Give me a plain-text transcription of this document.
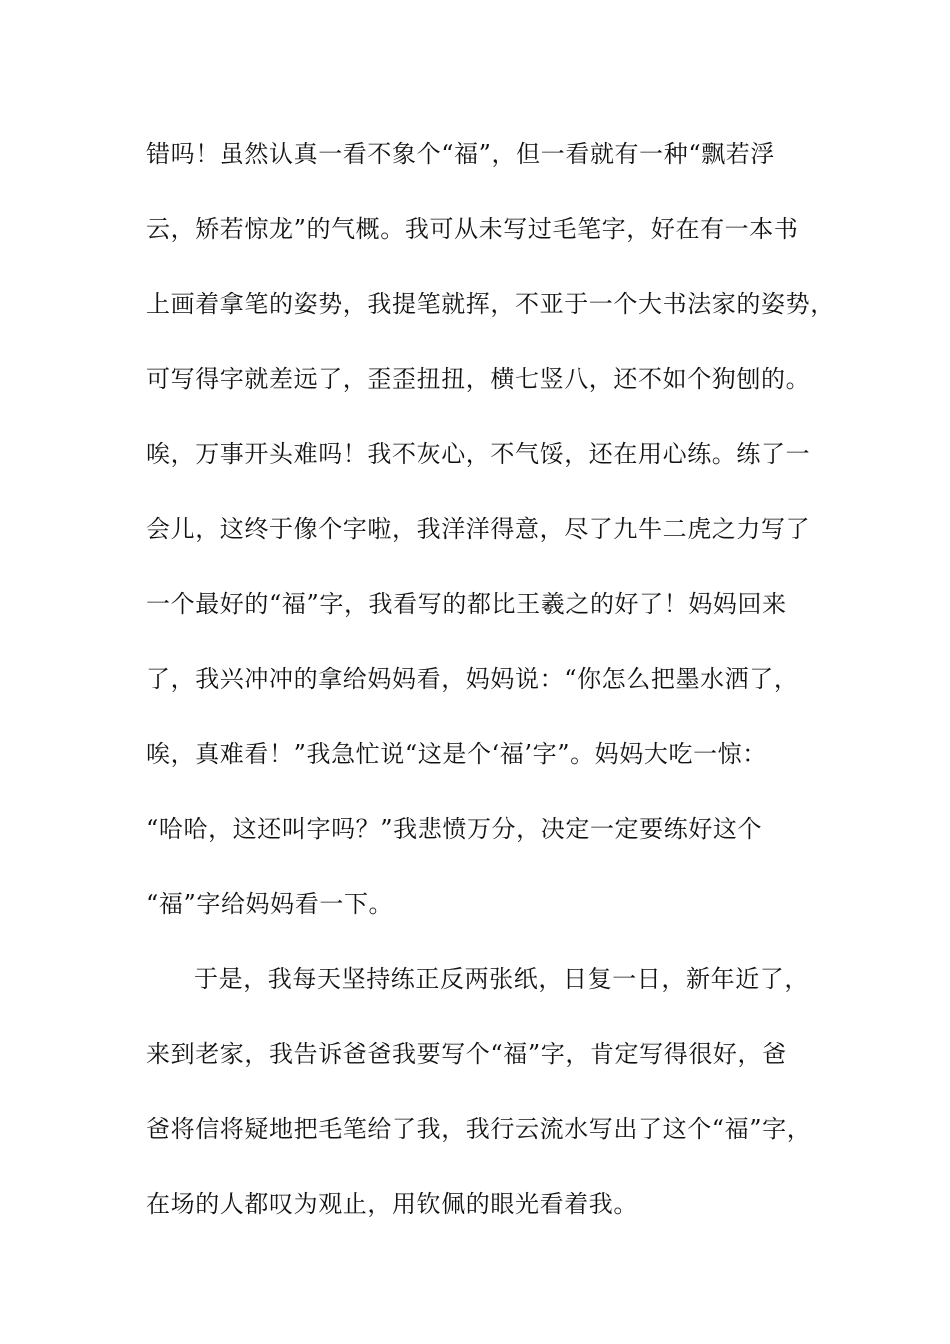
错吗！虽然认真一看不象个“福”，但一看就有一种“飘若浮
云，矫若惊龙”的气概。我可从未写过毛笔字，好在有一本书
上画着拿笔的姿势，我提笔就挥，不亚于一个大书法家的姿势，
可写得字就差远了，歪歪扭扭，横七竖八，还不如个狗刨的。
唉，万事开头难吗！我不灰心，不气馁，还在用心练。练了一
会儿，这终于像个字啦，我洋洋得意，尽了九牛二虎之力写了
一个最好的“福”字，我看写的都比王羲之的好了！妈妈回来
了，我兴冲冲的拿给妈妈看，妈妈说：“你怎么把墨水洒了，
唉，真难看！”我急忙说“这是个‘福’字”。妈妈大吃一惊：
“哈哈，这还叫字吗？”我悲愤万分，决定一定要练好这个
“福”字给妈妈看一下。
于是，我每天坚持练正反两张纸，日复一日，新年近了，
来到老家，我告诉爸爸我要写个“福”字，肯定写得很好，爸
爸将信将疑地把毛笔给了我，我行云流水写出了这个“福”字，
在场的人都叹为观止，用钦佩的眼光看着我。
